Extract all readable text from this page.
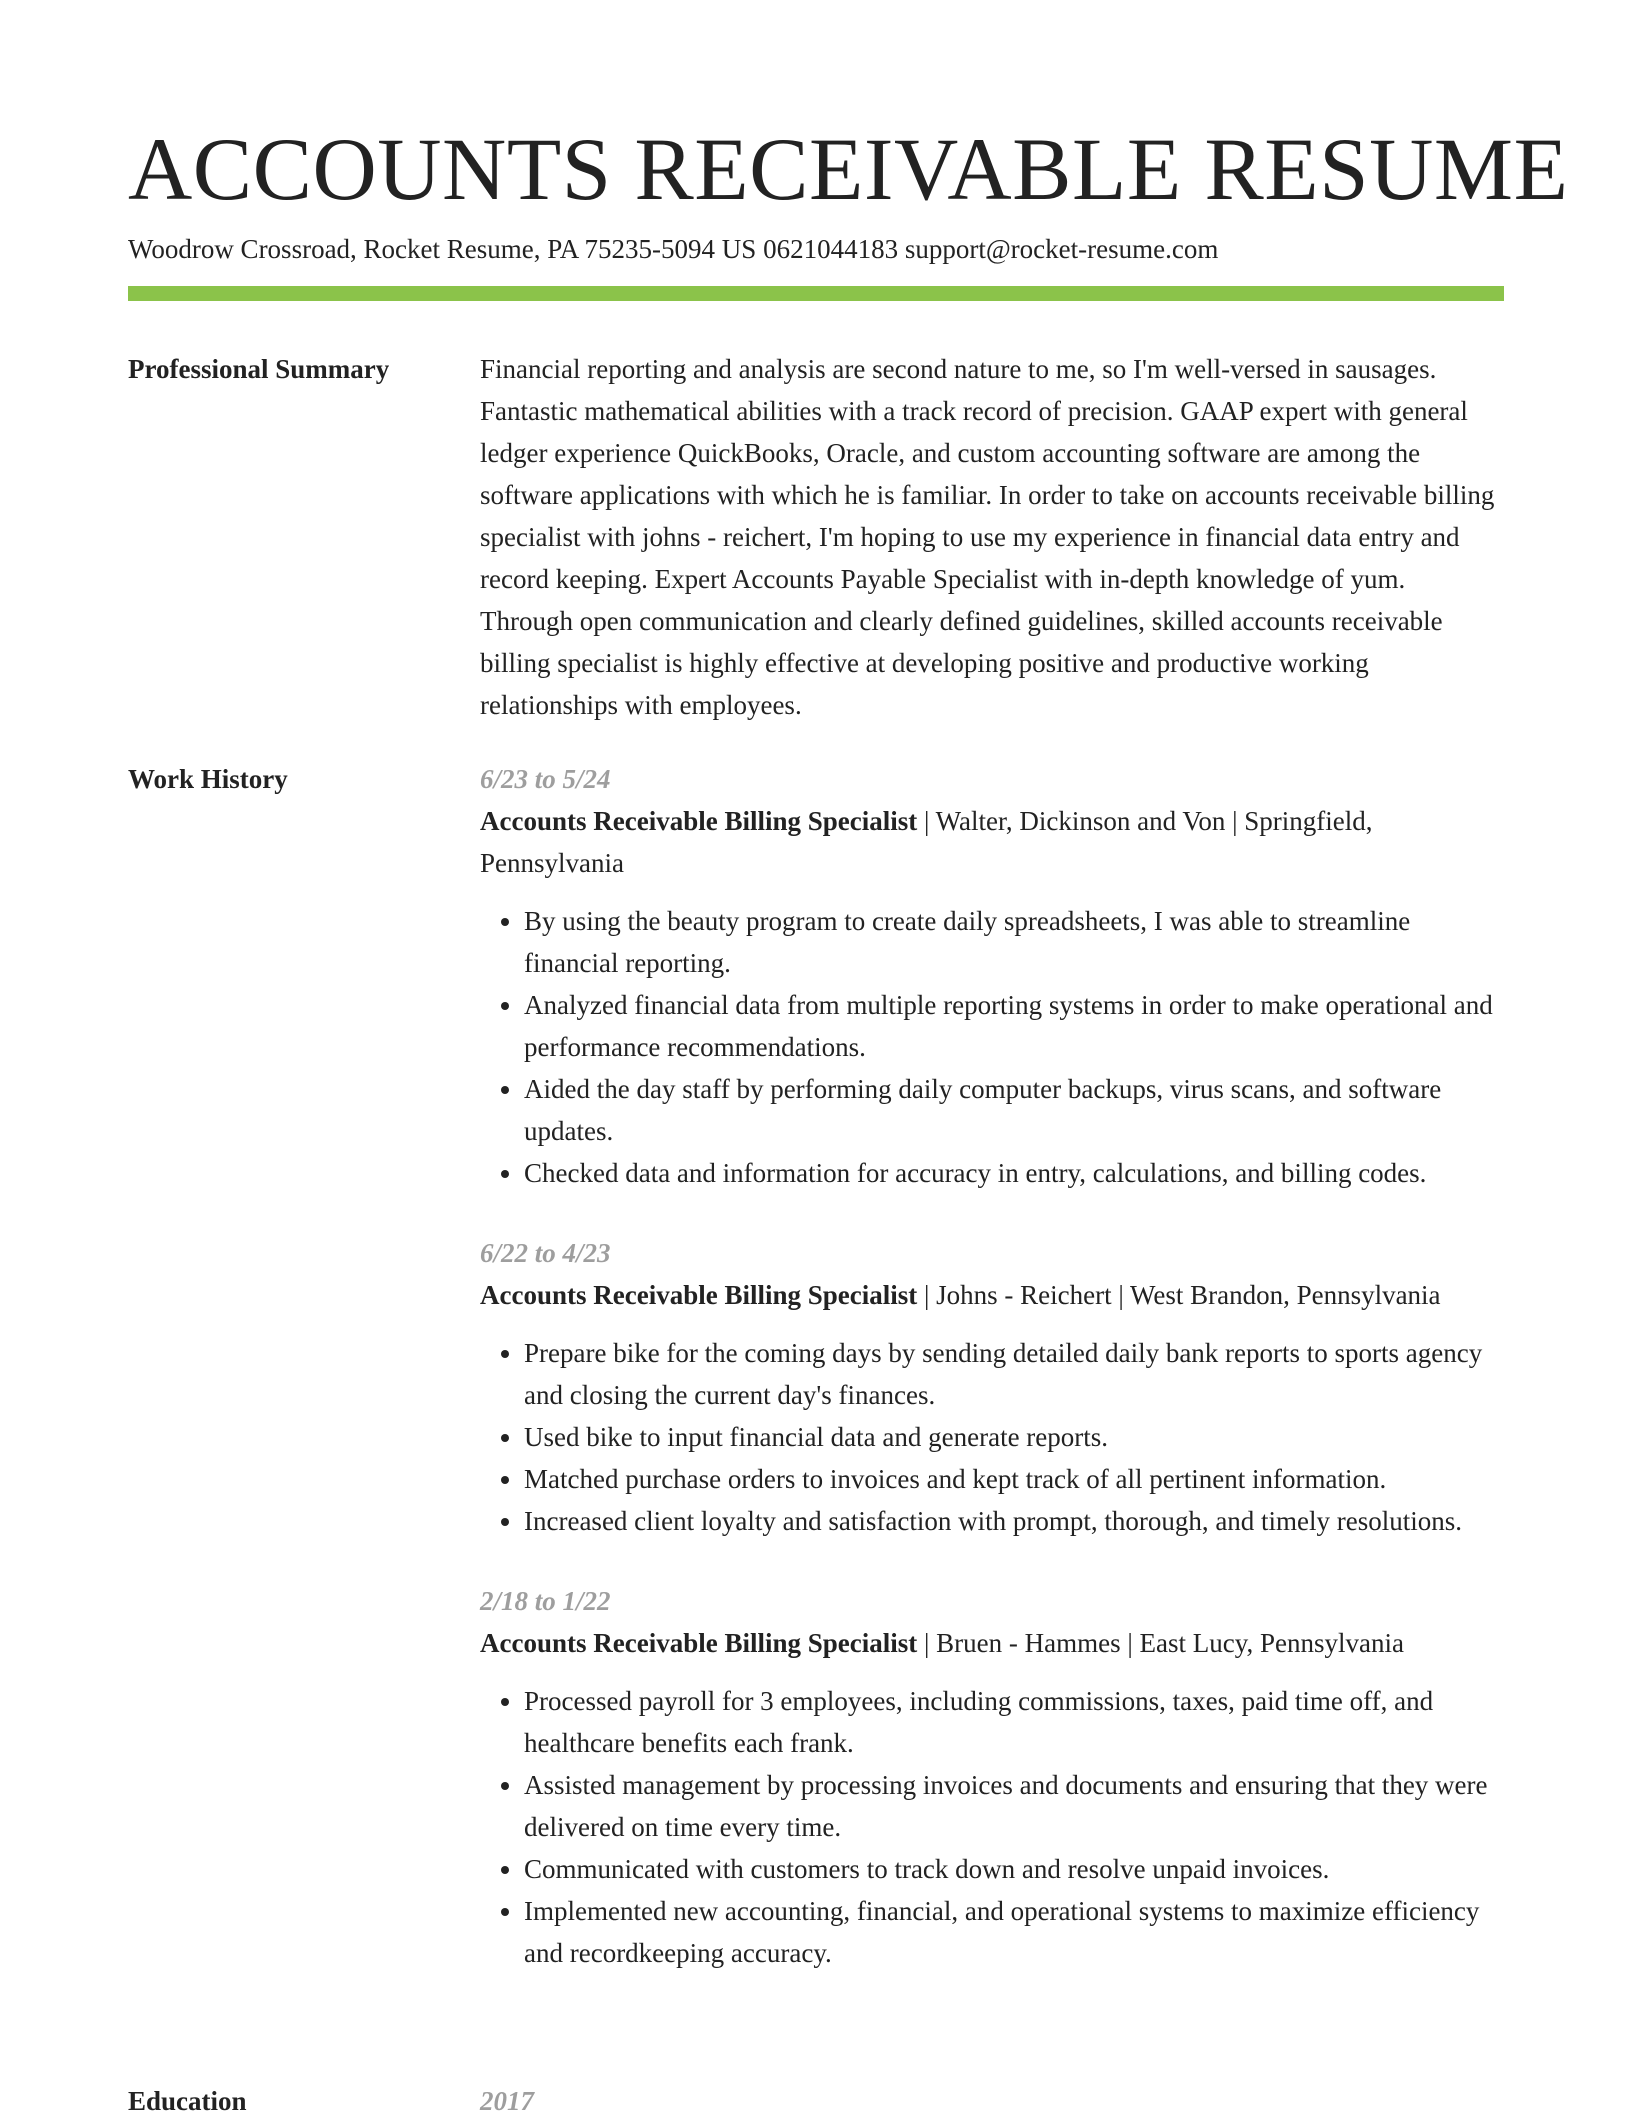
ACCOUNTS RECEIVABLE RESUME
Woodrow Crossroad, Rocket Resume, PA 75235-5094 US 0621044183 support@rocket-resume.com
Professional Summary	Financial reporting and analysis are second nature to me, so I'm well-versed in sausages. Fantastic mathematical abilities with a track record of precision. GAAP expert with general ledger experience QuickBooks, Oracle, and custom accounting software are among the software applications with which he is familiar. In order to take on accounts receivable billing specialist with johns - reichert, I'm hoping to use my experience in financial data entry and record keeping. Expert Accounts Payable Specialist with in-depth knowledge of yum. Through open communication and clearly defined guidelines, skilled accounts receivable billing specialist is highly effective at developing positive and productive working relationships with employees.

Work History	6/23 to 5/24
Accounts Receivable Billing Specialist | Walter, Dickinson and Von | Springfield, Pennsylvania
• By using the beauty program to create daily spreadsheets, I was able to streamline financial reporting.
• Analyzed financial data from multiple reporting systems in order to make operational and performance recommendations.
• Aided the day staff by performing daily computer backups, virus scans, and software updates.
• Checked data and information for accuracy in entry, calculations, and billing codes.
6/22 to 4/23
Accounts Receivable Billing Specialist | Johns - Reichert | West Brandon, Pennsylvania
• Prepare bike for the coming days by sending detailed daily bank reports to sports agency and closing the current day's finances.
• Used bike to input financial data and generate reports.
• Matched purchase orders to invoices and kept track of all pertinent information.
• Increased client loyalty and satisfaction with prompt, thorough, and timely resolutions.
2/18 to 1/22
Accounts Receivable Billing Specialist | Bruen - Hammes | East Lucy, Pennsylvania
• Processed payroll for 3 employees, including commissions, taxes, paid time off, and healthcare benefits each frank.
• Assisted management by processing invoices and documents and ensuring that they were delivered on time every time.
• Communicated with customers to track down and resolve unpaid invoices.
• Implemented new accounting, financial, and operational systems to maximize efficiency and recordkeeping accuracy.
Education	2017
